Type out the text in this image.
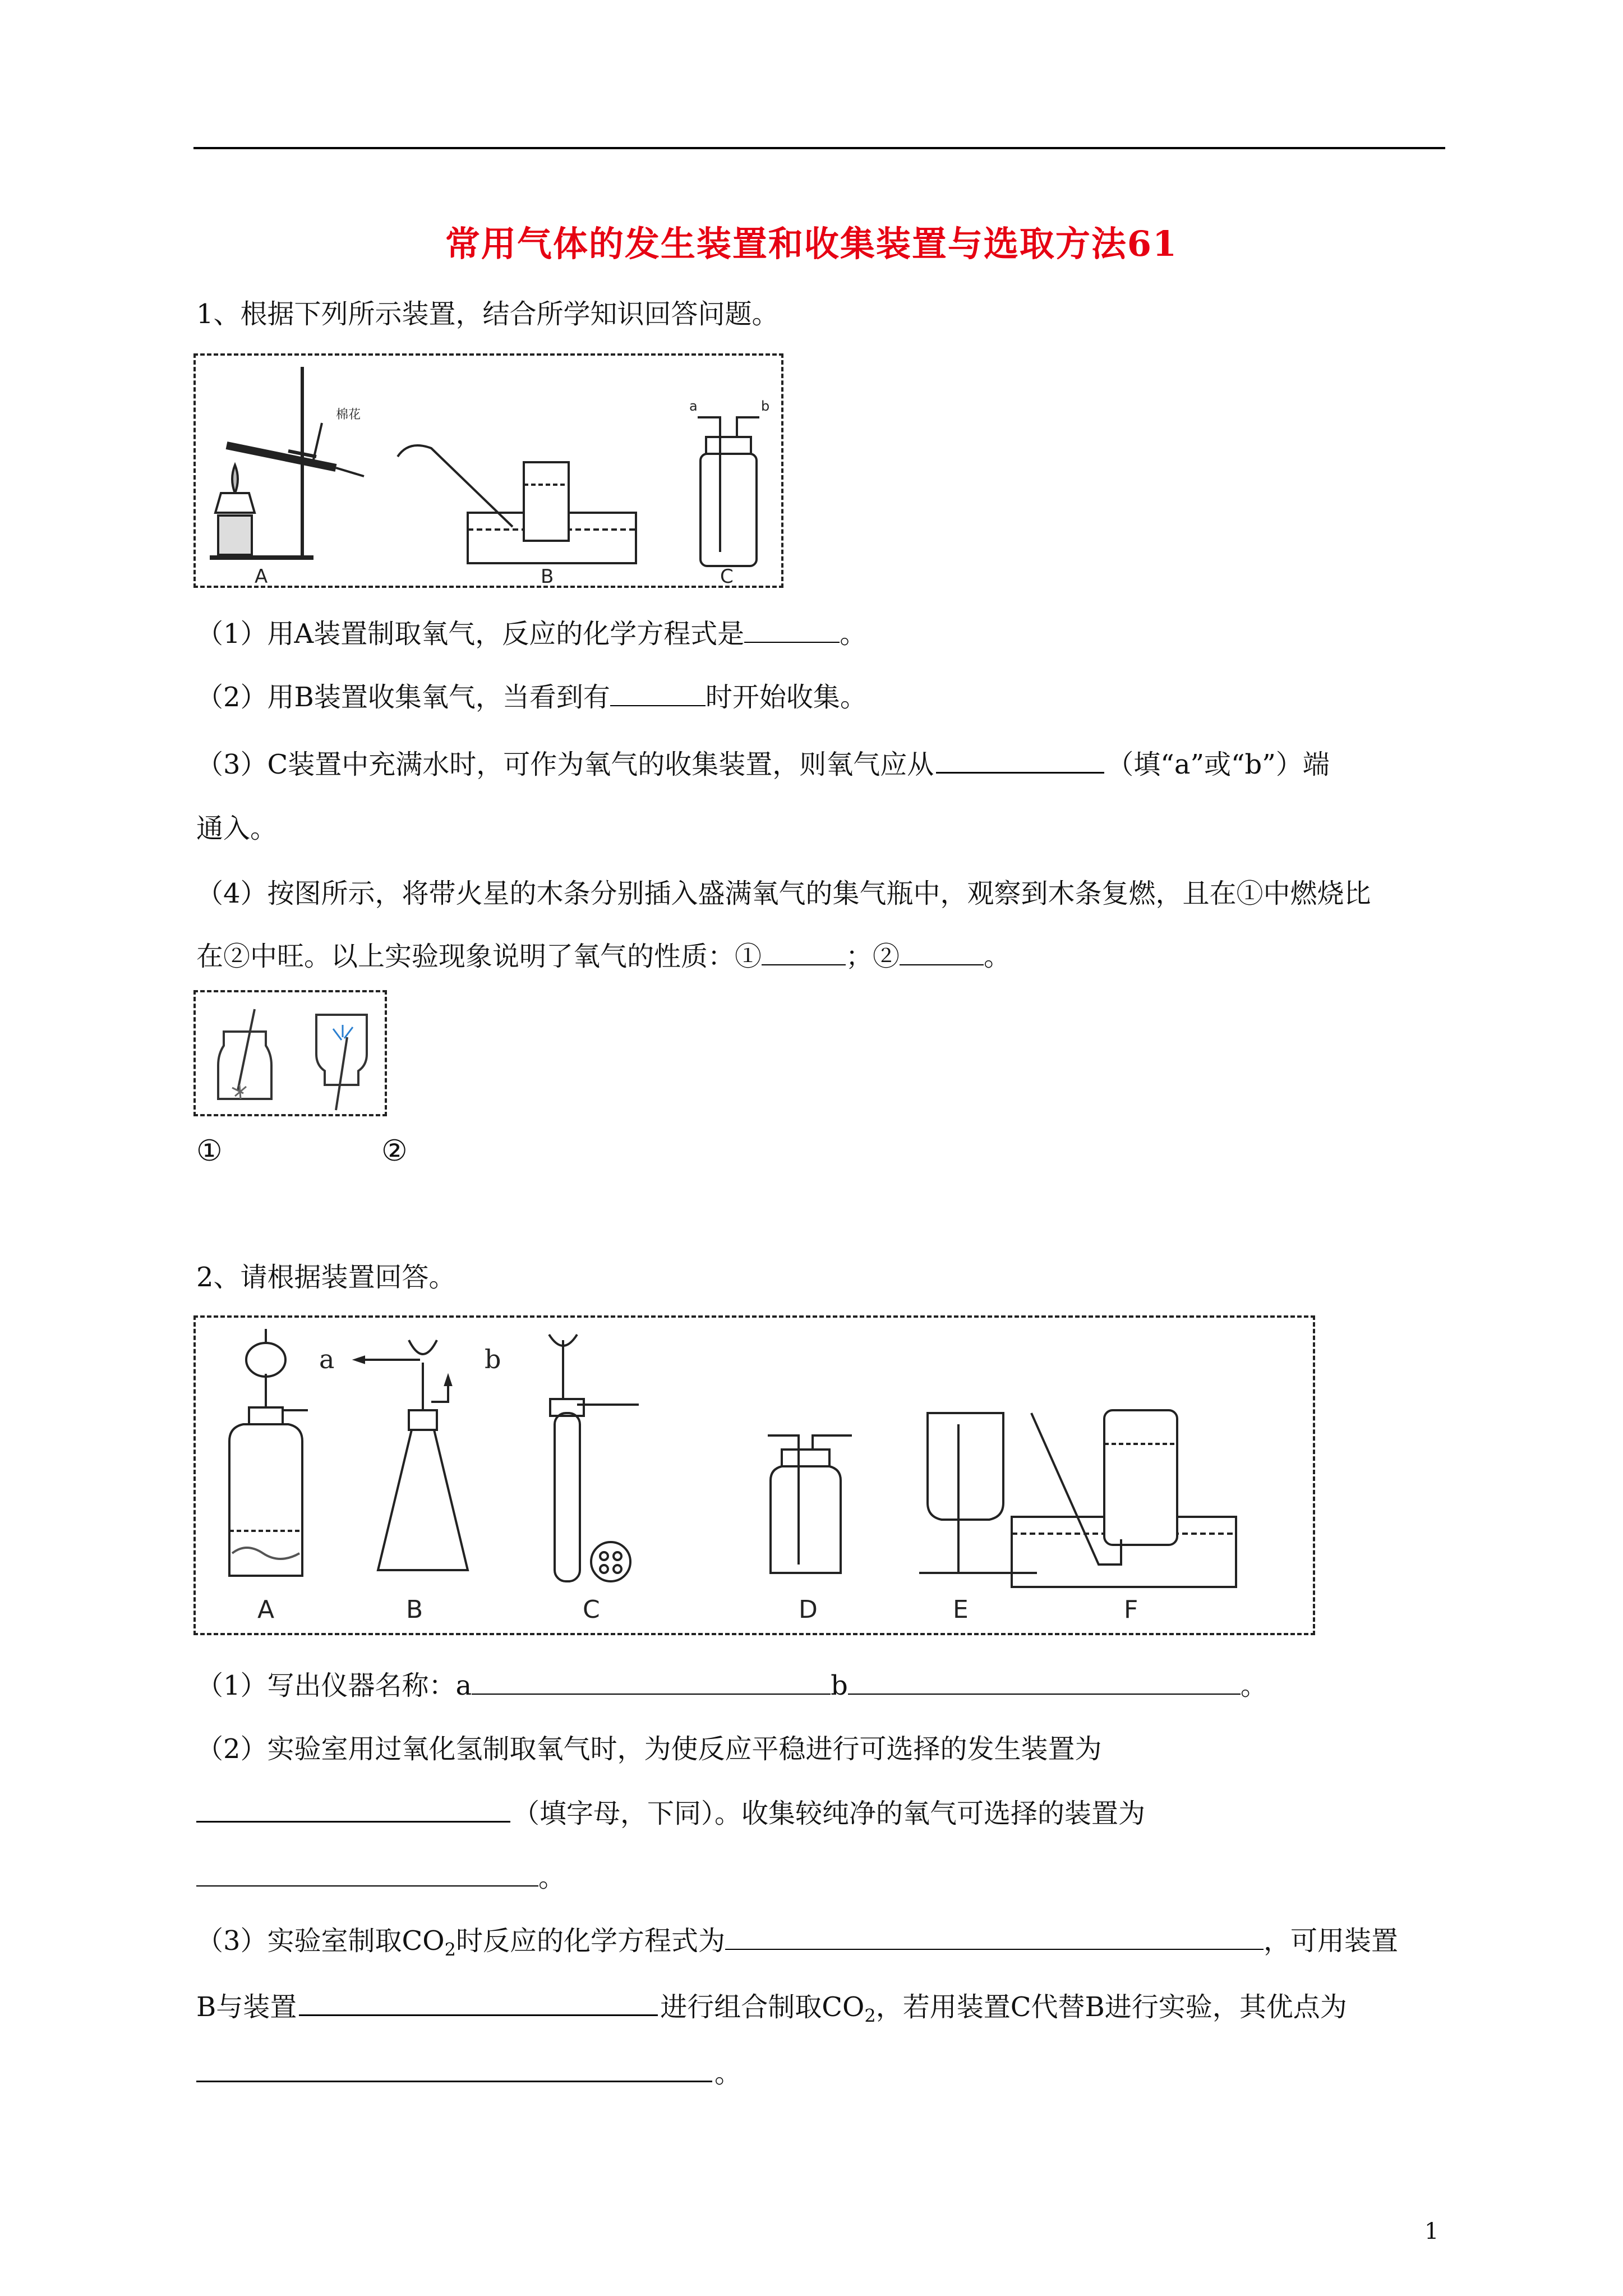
常用气体的发生装置和收集装置与选取方法61
1、根据下列所示装置，结合所学知识回答问题。
棉花
a	b
A	B	C
（1）用A装置制取氧气，反应的化学方程式是	。
（2）用B装置收集氧气，当看到有	时开始收集。
（3）C装置中充满水时，可作为氧气的收集装置，则氧气应从	（填“a”或“b”）端
通入。
（4）按图所示，将带火星的木条分别插入盛满氧气的集气瓶中，观察到木条复燃，且在①中燃烧比
在②中旺。以上实验现象说明了氧气的性质：①	；②	。
①	②
2、请根据装置回答。
a	b
A	B	C	D	E	F
（1）写出仪器名称：a	b	。
（2）实验室用过氧化氢制取氧气时，为使反应平稳进行可选择的发生装置为
（填字母，下同）。收集较纯净的氧气可选择的装置为
。
（3）实验室制取$CO_2$时反应的化学方程式为	，可用装置
B与装置	进行组合制取$CO_2$，若用装置C代替B进行实验，其优点为
。
1
